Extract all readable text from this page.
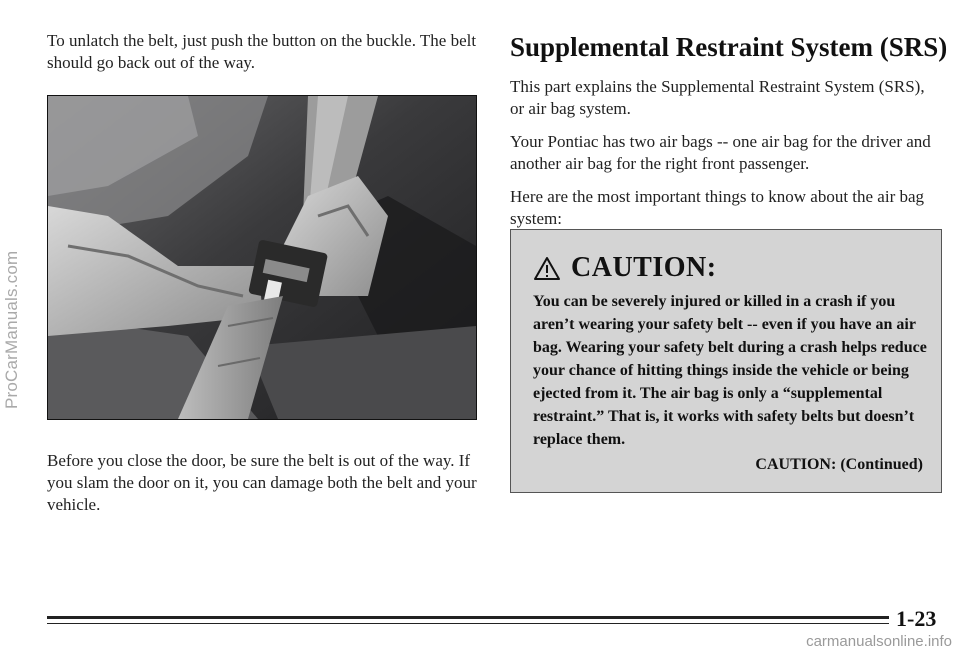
ProCarManuals.com

To unlatch the belt, just push the button on the buckle. The belt should go back out of the way.

Before you close the door, be sure the belt is out of the way. If you slam the door on it, you can damage both the belt and your vehicle.

Supplemental Restraint System (SRS)

This part explains the Supplemental Restraint System (SRS), or air bag system.

Your Pontiac has two air bags -- one air bag for the driver and another air bag for the right front passenger.

Here are the most important things to know about the air bag system:

CAUTION:

You can be severely injured or killed in a crash if you aren’t wearing your safety belt -- even if you have an air bag. Wearing your safety belt during a crash helps reduce your chance of hitting things inside the vehicle or being ejected from it. The air bag is only a “supplemental restraint.” That is, it works with safety belts but doesn’t replace them.

CAUTION: (Continued)
1-23
carmanualsonline.info
